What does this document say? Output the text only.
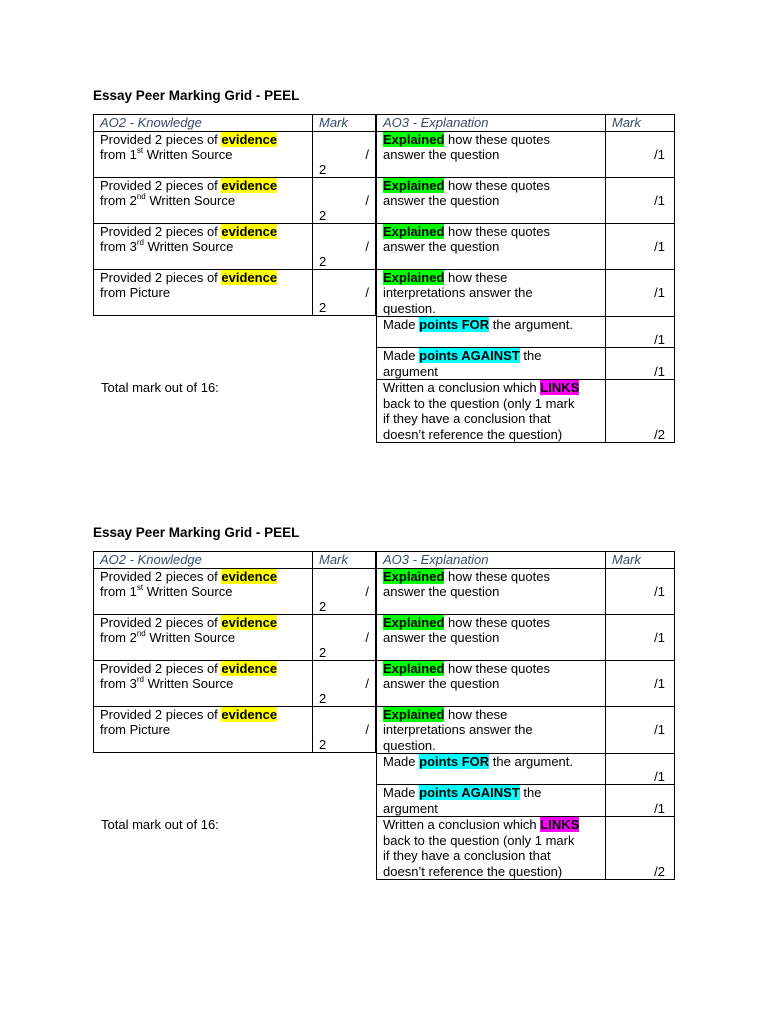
Essay Peer Marking Grid - PEEL
AO2 - Knowledge	Mark
Provided 2 pieces of evidence
from 1st Written Source	/
2

Provided 2 pieces of evidence
from 2nd Written Source	/
2

Provided 2 pieces of evidence
from 3rd Written Source	/
2

Provided 2 pieces of evidence
from Picture	/
2
AO3 - Explanation	Mark
Explained how these quotes
answer the question	/1

Explained how these quotes
answer the question	/1

Explained how these quotes
answer the question	/1

Explained how these
interpretations answer the
question.	/1

Made points FOR the argument.	/1

Made points AGAINST the
argument	/1

Written a conclusion which LINKS
back to the question (only 1 mark
if they have a conclusion that
doesn’t reference the question)	/2
Total mark out of 16:
Essay Peer Marking Grid - PEEL
AO2 - Knowledge	Mark
Provided 2 pieces of evidence
from 1st Written Source	/
2

Provided 2 pieces of evidence
from 2nd Written Source	/
2

Provided 2 pieces of evidence
from 3rd Written Source	/
2

Provided 2 pieces of evidence
from Picture	/
2
AO3 - Explanation	Mark
Explained how these quotes
answer the question	/1

Explained how these quotes
answer the question	/1

Explained how these quotes
answer the question	/1

Explained how these
interpretations answer the
question.	/1

Made points FOR the argument.	/1

Made points AGAINST the
argument	/1

Written a conclusion which LINKS
back to the question (only 1 mark
if they have a conclusion that
doesn’t reference the question)	/2
Total mark out of 16:
